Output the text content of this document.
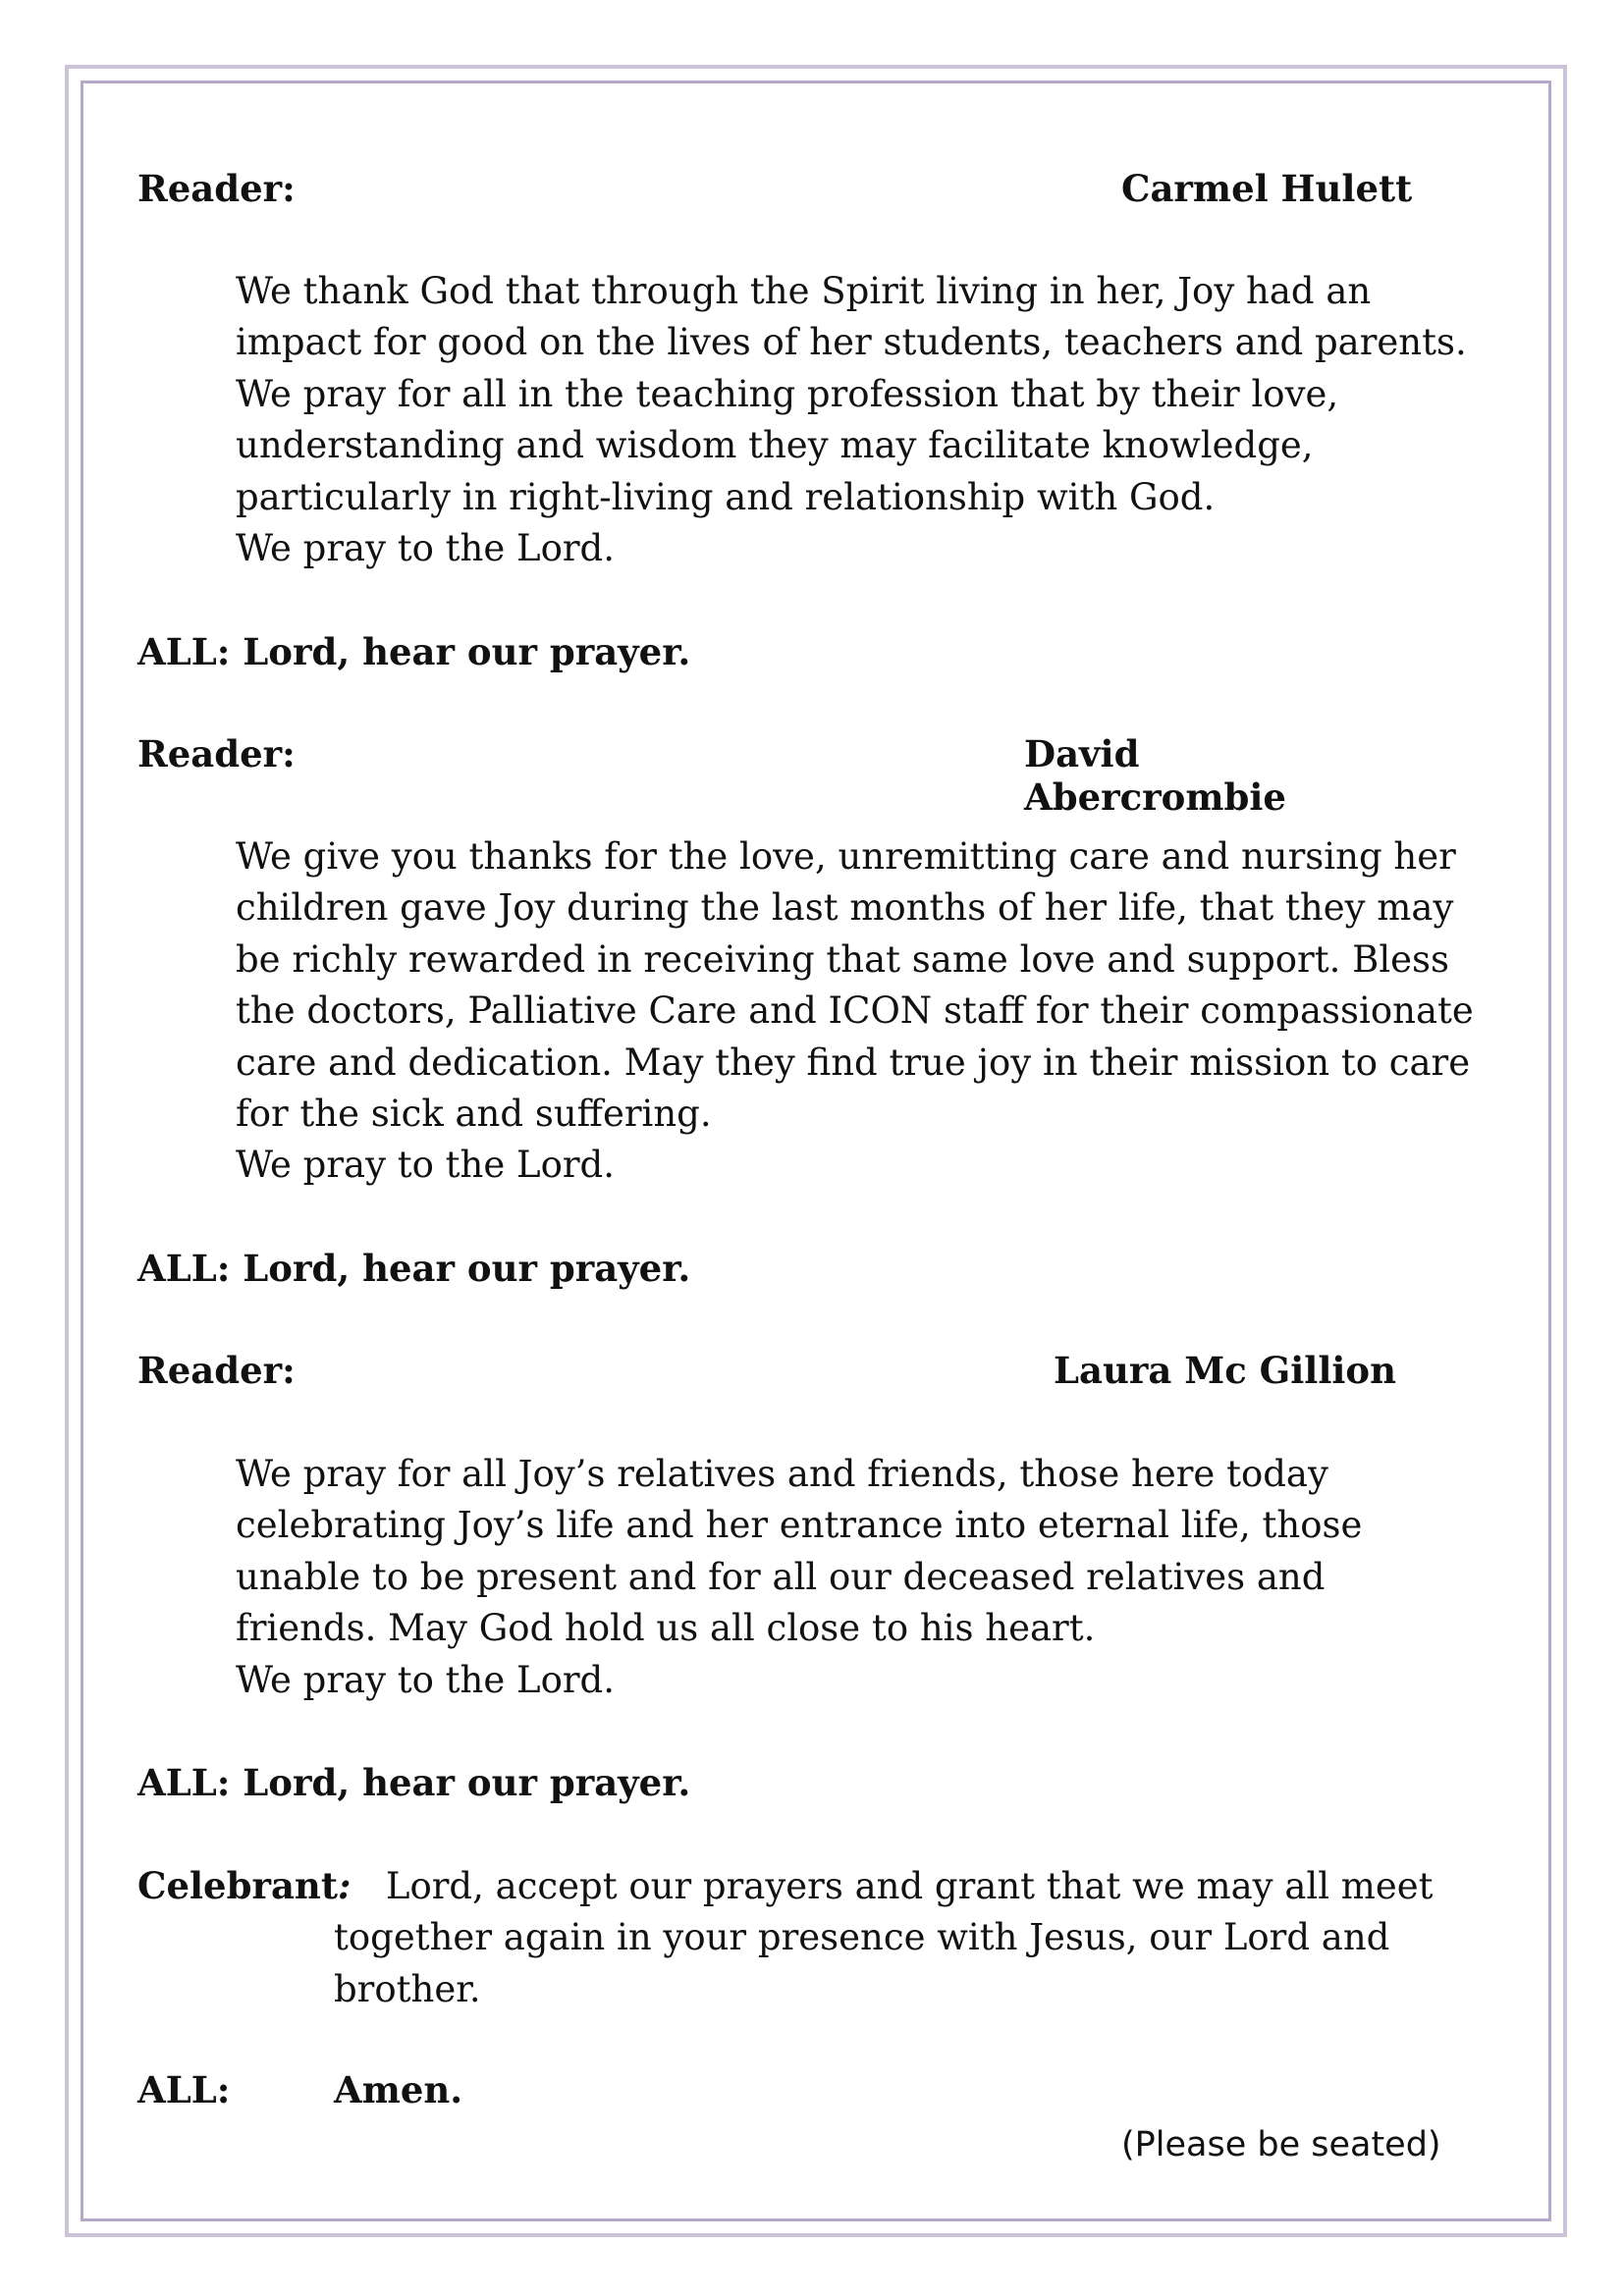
Reader:	Carmel Hulett
We thank God that through the Spirit living in her, Joy had an
impact for good on the lives of her students, teachers and parents.
We pray for all in the teaching profession that by their love,
understanding and wisdom they may facilitate knowledge,
particularly in right-living and relationship with God.
We pray to the Lord.
ALL: Lord, hear our prayer.
Reader:	David Abercrombie
We give you thanks for the love, unremitting care and nursing her
children gave Joy during the last months of her life, that they may
be richly rewarded in receiving that same love and support. Bless
the doctors, Palliative Care and ICON staff for their compassionate
care and dedication. May they find true joy in their mission to care
for the sick and suffering.
We pray to the Lord.
ALL: Lord, hear our prayer.
Reader:	Laura Mc Gillion
We pray for all Joy’s relatives and friends, those here today
celebrating Joy’s life and her entrance into eternal life, those
unable to be present and for all our deceased relatives and
friends. May God hold us all close to his heart.
We pray to the Lord.
ALL: Lord, hear our prayer.
Celebrant: Lord, accept our prayers and grant that we may all meet
together again in your presence with Jesus, our Lord and
brother.
ALL:	Amen.
(Please be seated)
